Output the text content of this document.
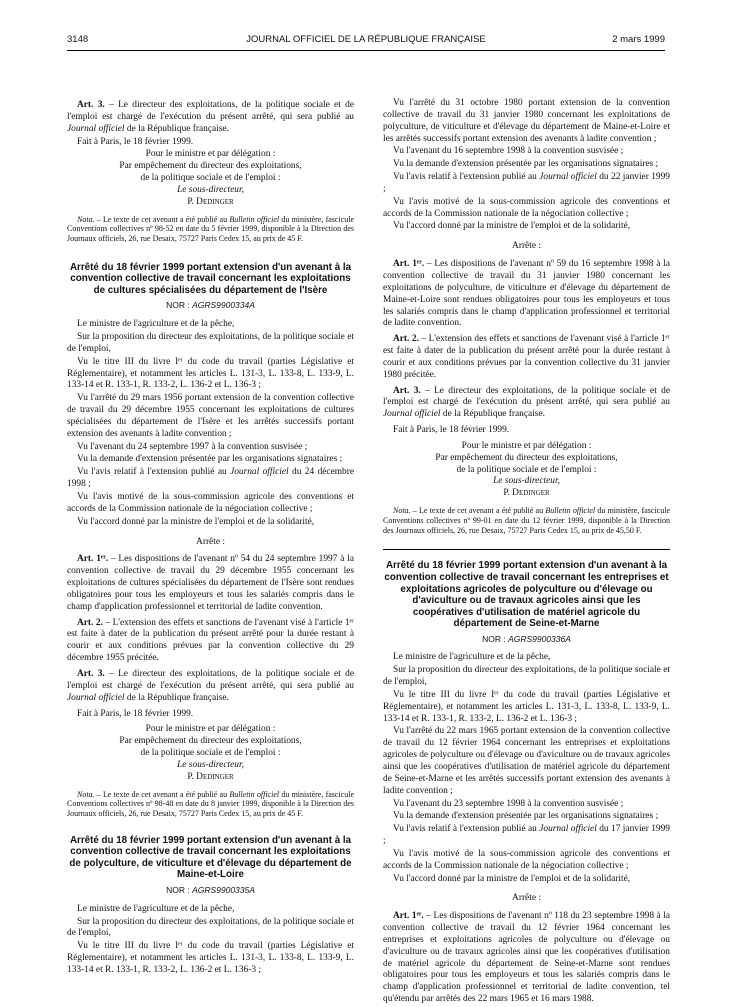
3148	JOURNAL OFFICIEL DE LA RÉPUBLIQUE FRANÇAISE	2 mars 1999

Art. 3. – Le directeur des exploitations, de la politique sociale et de l'emploi est chargé de l'exécution du présent arrêté, qui sera publié au Journal officiel de la République française.

Fait à Paris, le 18 février 1999.

Pour le ministre et par délégation :
Par empêchement du directeur des exploitations,
de la politique sociale et de l'emploi :
Le sous-directeur,
P. Dedinger

Nota. – Le texte de cet avenant a été publié au Bulletin officiel du ministère, fascicule Conventions collectives nº 98-52 en date du 5 février 1999, disponible à la Direction des Journaux officiels, 26, rue Desaix, 75727 Paris Cedex 15, au prix de 45 F.

Arrêté du 18 février 1999 portant extension d'un avenant à la convention collective de travail concernant les exploitations de cultures spécialisées du département de l'Isère
NOR : AGRS9900334A

Le ministre de l'agriculture et de la pêche,

Sur la proposition du directeur des exploitations, de la politique sociale et de l'emploi,

Vu le titre III du livre Iᵉʳ du code du travail (parties Législative et Réglementaire), et notamment les articles L. 131-3, L. 133-8, L. 133-9, L. 133-14 et R. 133-1, R. 133-2, L. 136-2 et L. 136-3 ;

Vu l'arrêté du 29 mars 1956 portant extension de la convention collective de travail du 29 décembre 1955 concernant les exploitations de cultures spécialisées du département de l'Isère et les arrêtés successifs portant extension des avenants à ladite convention ;

Vu l'avenant du 24 septembre 1997 à la convention susvisée ;

Vu la demande d'extension présentée par les organisations signataires ;

Vu l'avis relatif à l'extension publié au Journal officiel du 24 décembre 1998 ;

Vu l'avis motivé de la sous-commission agricole des conventions et accords de la Commission nationale de la négociation collective ;

Vu l'accord donné par la ministre de l'emploi et de la solidarité,

Arrête :

Art. 1ᵉʳ. – Les dispositions de l'avenant nº 54 du 24 septembre 1997 à la convention collective de travail du 29 décembre 1955 concernant les exploitations de cultures spécialisées du département de l'Isère sont rendues obligatoires pour tous les employeurs et tous les salariés compris dans le champ d'application professionnel et territorial de ladite convention.

Art. 2. – L'extension des effets et sanctions de l'avenant visé à l'article 1ᵉʳ est faite à dater de la publication du présent arrêté pour la durée restant à courir et aux conditions prévues par la convention collective du 29 décembre 1955 précitée.

Art. 3. – Le directeur des exploitations, de la politique sociale et de l'emploi est chargé de l'exécution du présent arrêté, qui sera publié au Journal officiel de la République française.

Fait à Paris, le 18 février 1999.

Pour le ministre et par délégation :
Par empêchement du directeur des exploitations,
de la politique sociale et de l'emploi :
Le sous-directeur,
P. Dedinger

Nota. – Le texte de cet avenant a été publié au Bulletin officiel du ministère, fascicule Conventions collectives nº 98-48 en date du 8 janvier 1999, disponible à la Direction des Journaux officiels, 26, rue Desaix, 75727 Paris Cedex 15, au prix de 45 F.

Arrêté du 18 février 1999 portant extension d'un avenant à la convention collective de travail concernant les exploitations de polyculture, de viticulture et d'élevage du département de Maine-et-Loire
NOR : AGRS9900335A

Le ministre de l'agriculture et de la pêche,

Sur la proposition du directeur des exploitations, de la politique sociale et de l'emploi,

Vu le titre III du livre Iᵉʳ du code du travail (parties Législative et Réglementaire), et notamment les articles L. 131-3, L. 133-8, L. 133-9, L. 133-14 et R. 133-1, R. 133-2, L. 136-2 et L. 136-3 ;

Vu l'arrêté du 31 octobre 1980 portant extension de la convention collective de travail du 31 janvier 1980 concernant les exploitations de polyculture, de viticulture et d'élevage du département de Maine-et-Loire et les arrêtés successifs portant extension des avenants à ladite convention ;

Vu l'avenant du 16 septembre 1998 à la convention susvisée ;

Vu la demande d'extension présentée par les organisations signataires ;

Vu l'avis relatif à l'extension publié au Journal officiel du 22 janvier 1999 ;

Vu l'avis motivé de la sous-commission agricole des conventions et accords de la Commission nationale de la négociation collective ;

Vu l'accord donné par la ministre de l'emploi et de la solidarité,

Arrête :

Art. 1ᵉʳ. – Les dispositions de l'avenant nº 59 du 16 septembre 1998 à la convention collective de travail du 31 janvier 1980 concernant les exploitations de polyculture, de viticulture et d'élevage du département de Maine-et-Loire sont rendues obligatoires pour tous les employeurs et tous les salariés compris dans le champ d'application professionnel et territorial de ladite convention.

Art. 2. – L'extension des effets et sanctions de l'avenant visé à l'article 1ᵉʳ est faite à dater de la publication du présent arrêté pour la durée restant à courir et aux conditions prévues par la convention collective du 31 janvier 1980 précitée.

Art. 3. – Le directeur des exploitations, de la politique sociale et de l'emploi est chargé de l'exécution du présent arrêté, qui sera publié au Journal officiel de la République française.

Fait à Paris, le 18 février 1999.

Pour le ministre et par délégation :
Par empêchement du directeur des exploitations,
de la politique sociale et de l'emploi :
Le sous-directeur,
P. Dedinger

Nota. – Le texte de cet avenant a été publié au Bulletin officiel du ministère, fascicule Conventions collectives nº 99-01 en date du 12 février 1999, disponible à la Direction des Journaux officiels, 26, rue Desaix, 75727 Paris Cedex 15, au prix de 45,50 F.

Arrêté du 18 février 1999 portant extension d'un avenant à la convention collective de travail concernant les entreprises et exploitations agricoles de polyculture ou d'élevage ou d'aviculture ou de travaux agricoles ainsi que les coopératives d'utilisation de matériel agricole du département de Seine-et-Marne
NOR : AGRS9900336A

Le ministre de l'agriculture et de la pêche,

Sur la proposition du directeur des exploitations, de la politique sociale et de l'emploi,

Vu le titre III du livre Iᵉʳ du code du travail (parties Législative et Réglementaire), et notamment les articles L. 131-3, L. 133-8, L. 133-9, L. 133-14 et R. 133-1, R. 133-2, L. 136-2 et L. 136-3 ;

Vu l'arrêté du 22 mars 1965 portant extension de la convention collective de travail du 12 février 1964 concernant les entreprises et exploitations agricoles de polyculture ou d'élevage ou d'aviculture ou de travaux agricoles ainsi que les coopératives d'utilisation de matériel agricole du département de Seine-et-Marne et les arrêtés successifs portant extension des avenants à ladite convention ;

Vu l'avenant du 23 septembre 1998 à la convention susvisée ;

Vu la demande d'extension présentée par les organisations signataires ;

Vu l'avis relatif à l'extension publié au Journal officiel du 17 janvier 1999 ;

Vu l'avis motivé de la sous-commission agricole des conventions et accords de la Commission nationale de la négociation collective ;

Vu l'accord donné par la ministre de l'emploi et de la solidarité,

Arrête :

Art. 1ᵉʳ. – Les dispositions de l'avenant nº 118 du 23 septembre 1998 à la convention collective de travail du 12 février 1964 concernant les entreprises et exploitations agricoles de polyculture ou d'élevage ou d'aviculture ou de travaux agricoles ainsi que les coopératives d'utilisation de matériel agricole du département de Seine-et-Marne sont rendues obligatoires pour tous les employeurs et tous les salariés compris dans le champ d'application professionnel et territorial de ladite convention, tel qu'étendu par arrêtés des 22 mars 1965 et 16 mars 1988.
